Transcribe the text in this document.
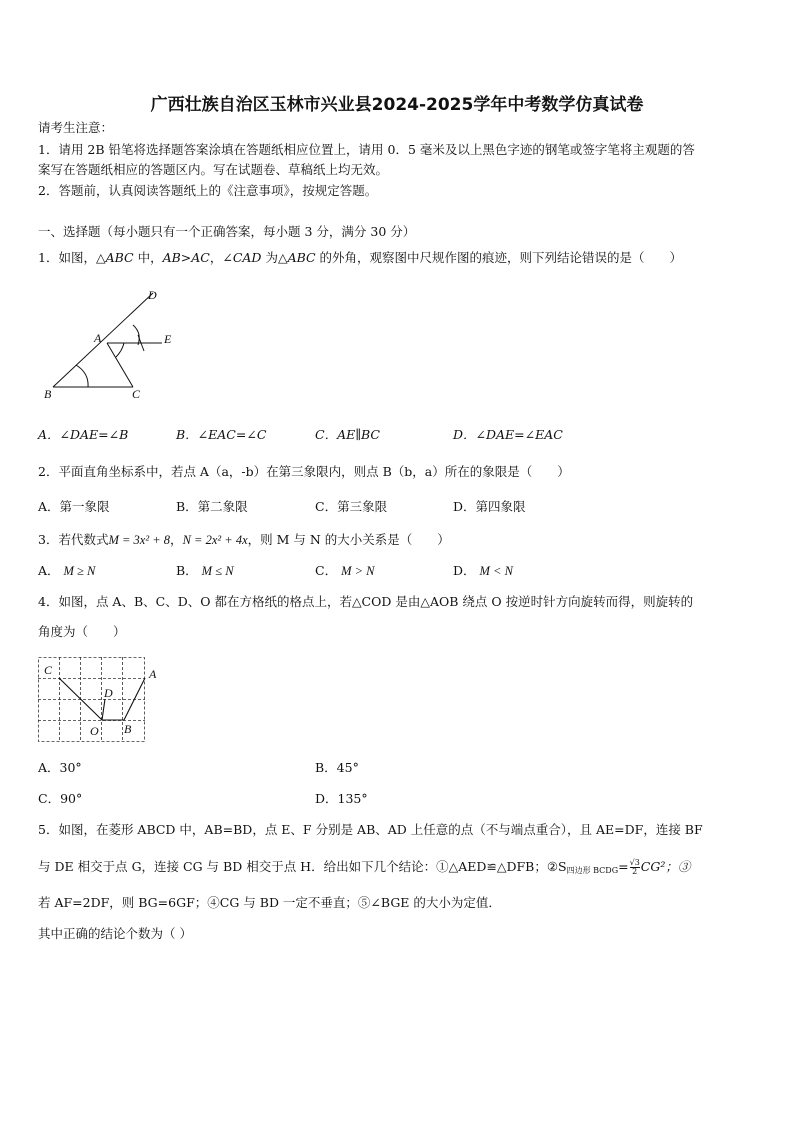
广西壮族自治区玉林市兴业县2024-2025学年中考数学仿真试卷
请考生注意：
1．请用 2B 铅笔将选择题答案涂填在答题纸相应位置上，请用 0．5 毫米及以上黑色字迹的钢笔或签字笔将主观题的答
案写在答题纸相应的答题区内。写在试题卷、草稿纸上均无效。
2．答题前，认真阅读答题纸上的《注意事项》，按规定答题。
一、选择题（每小题只有一个正确答案，每小题 3 分，满分 30 分）
1．如图，△ABC 中，AB>AC，∠CAD 为△ABC 的外角，观察图中尺规作图的痕迹，则下列结论错误的是（　　）
D
A	E
B	C
A．∠DAE=∠B	B．∠EAC=∠C	C．AE∥BC	D．∠DAE=∠EAC
2．平面直角坐标系中，若点 A（a，-b）在第三象限内，则点 B（b，a）所在的象限是（　　）
A．第一象限	B．第二象限	C．第三象限	D．第四象限
3．若代数式M = 3x² + 8，N = 2x² + 4x，则 M 与 N 的大小关系是（　　）
A． M ≥ N	B． M ≤ N	C． M > N	D． M < N
4．如图，点 A、B、C、D、O 都在方格纸的格点上，若△COD 是由△AOB 绕点 O 按逆时针方向旋转而得，则旋转的
角度为（　　）
C	A
D
O B
A．30°	B．45°
C．90°	D．135°
5．如图，在菱形 ABCD 中，AB=BD，点 E、F 分别是 AB、AD 上任意的点（不与端点重合），且 AE=DF，连接 BF
与 DE 相交于点 G，连接 CG 与 BD 相交于点 H．给出如下几个结论：①△AED≌△DFB；$②S_{四边形 BCDG}= \frac{√3}{2} CG^2$；③
若 AF=2DF，则 BG=6GF；④CG 与 BD 一定不垂直；⑤∠BGE 的大小为定值．
其中正确的结论个数为（ ）
